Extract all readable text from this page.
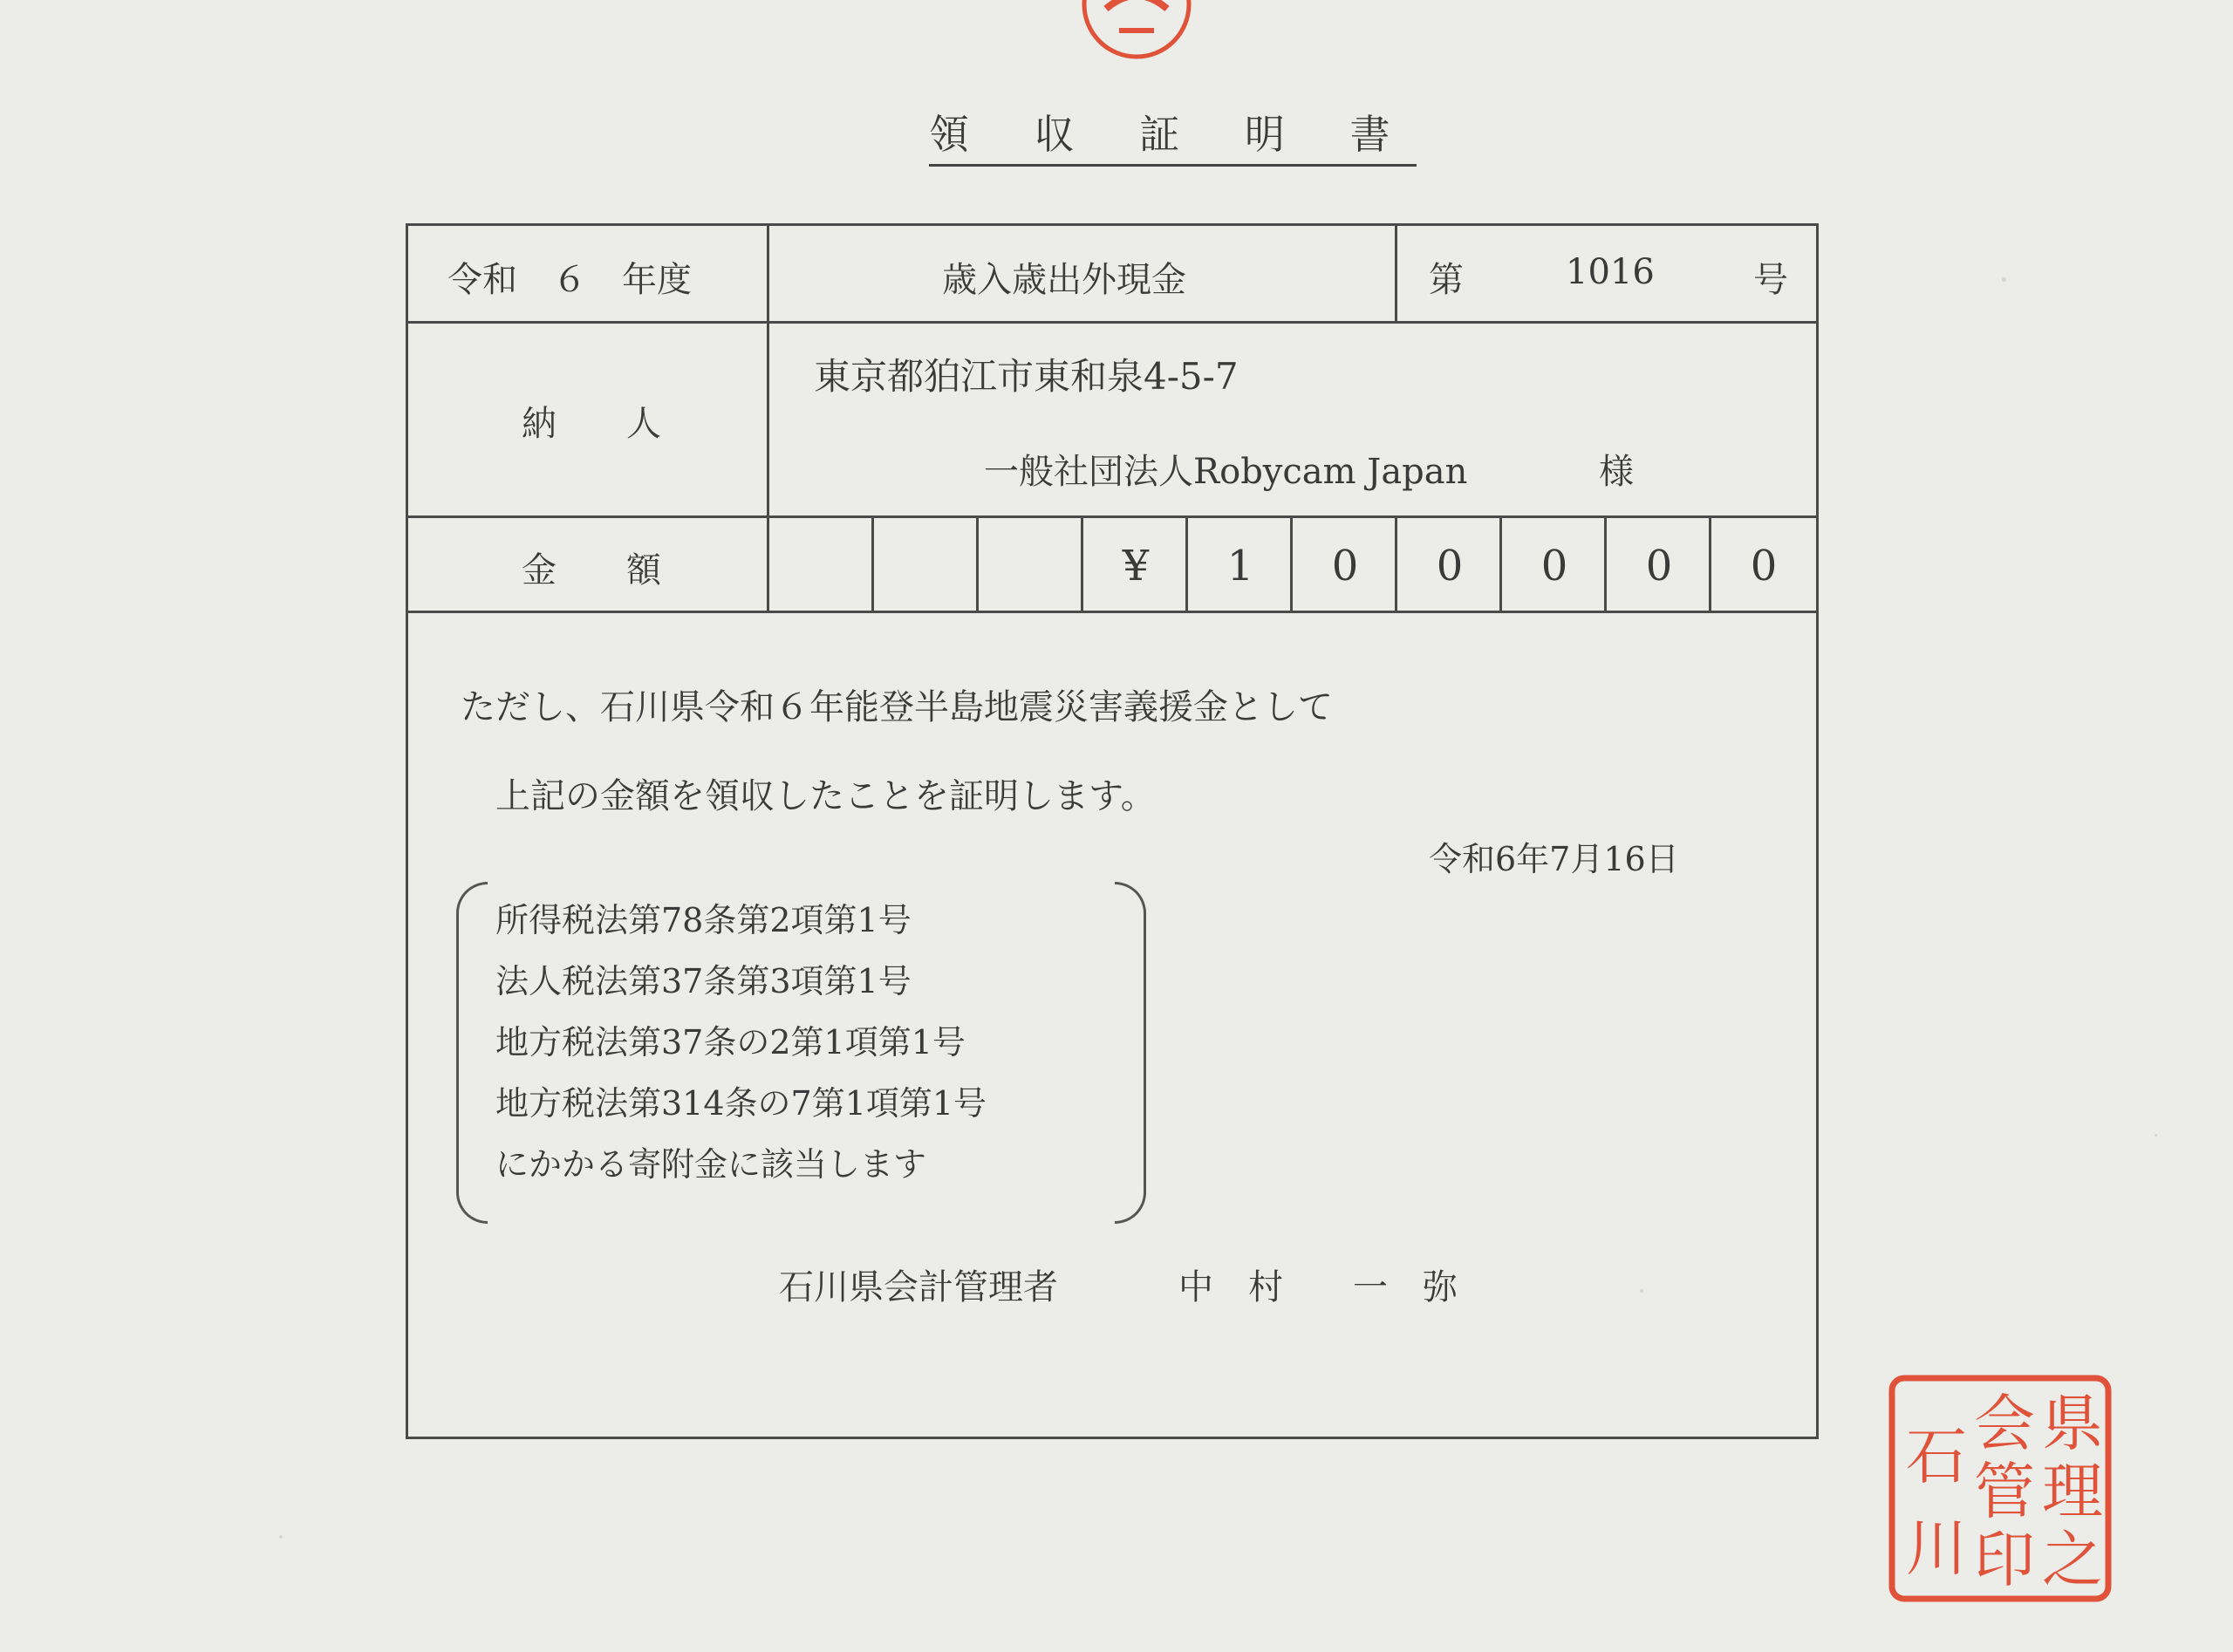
領 収 証 明 書
令和　６　年度	歳入歳出外現金	第	1016	号
納　　人
東京都狛江市東和泉4-5-7
一般社団法人Robycam Japan	様
金　　額	¥	1	0	0	0	0	0
ただし、石川県令和６年能登半島地震災害義援金として
上記の金額を領収したことを証明します。
令和6年7月16日
所得税法第78条第2項第1号
法人税法第37条第3項第1号
地方税法第37条の2第1項第1号
地方税法第314条の7第1項第1号
にかかる寄附金に該当します
石川県会計管理者	中　村　　一　弥
県
理
之
会
管
印
石
川
